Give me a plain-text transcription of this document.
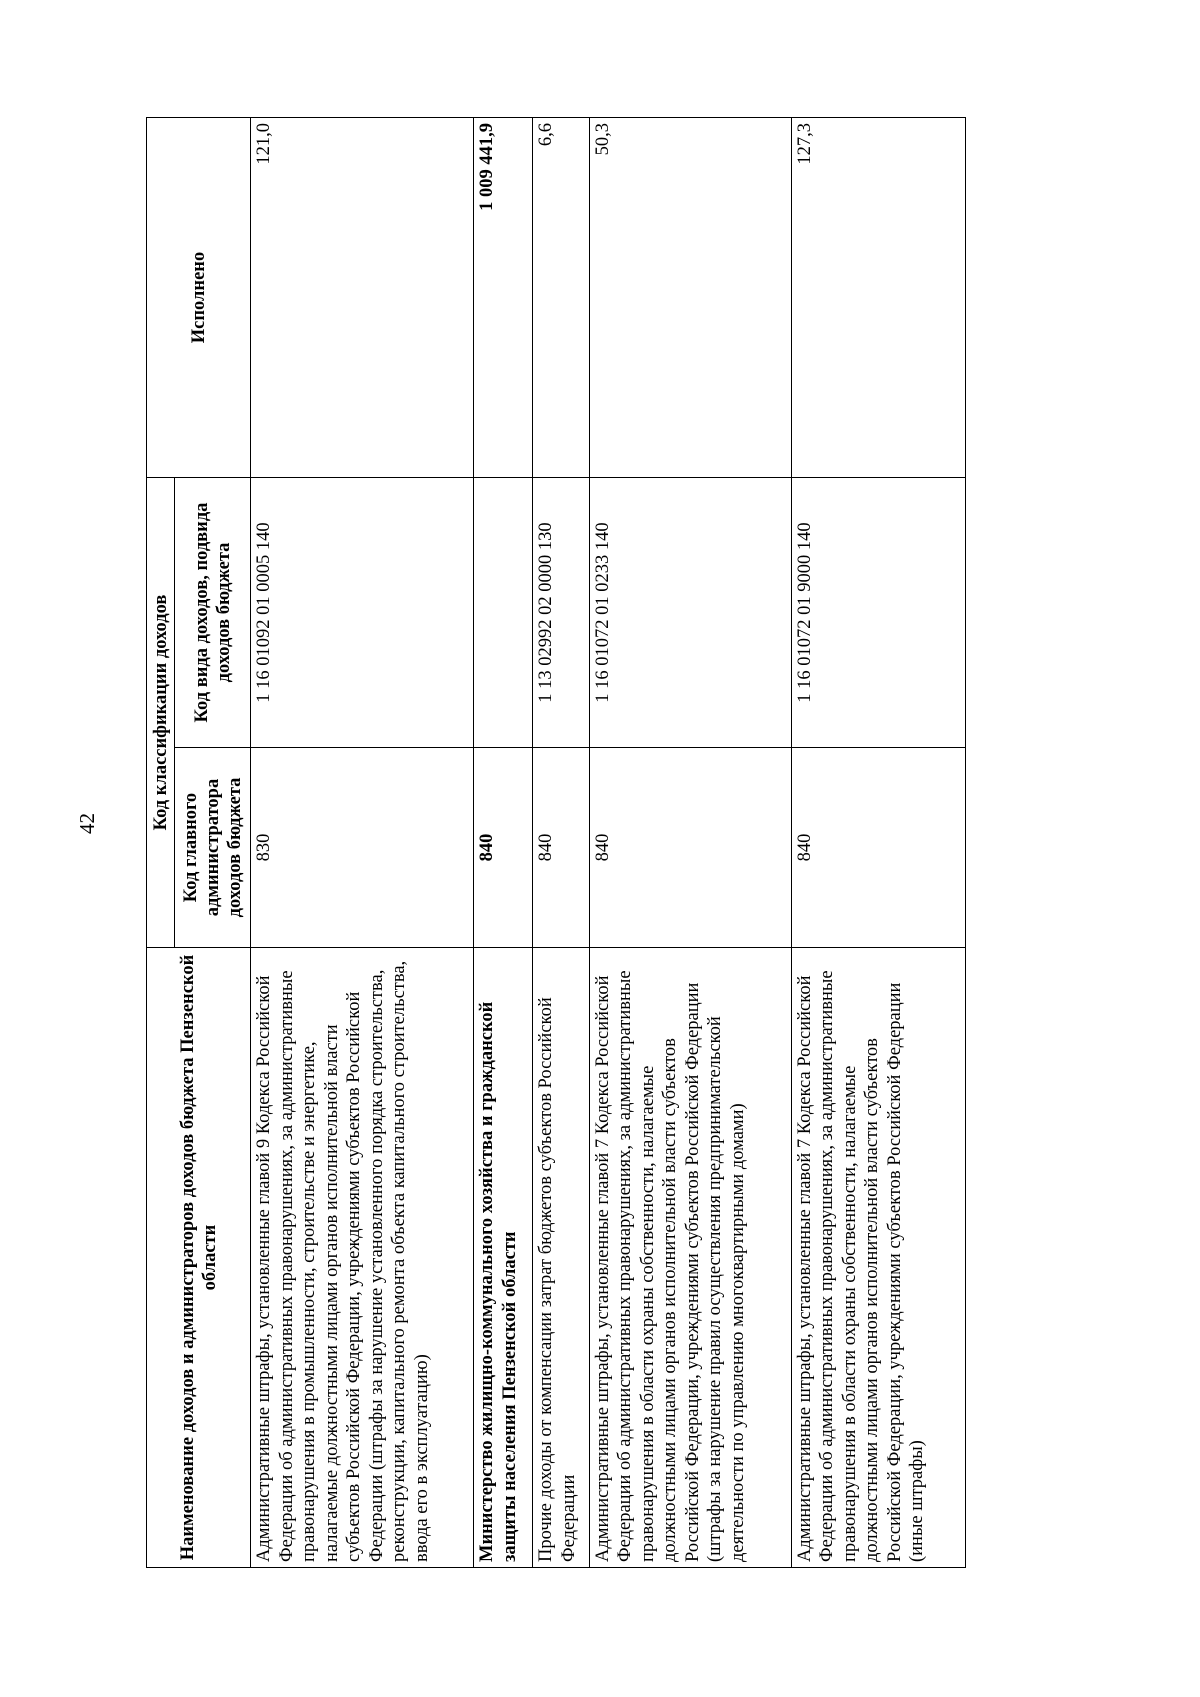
42
Наименование доходов и администраторов доходов бюджета Пензенской области	Код классификации доходов		Исполнено
	Код главного администратора доходов бюджета	Код вида доходов, подвида доходов бюджета	
Административные штрафы, установленные главой 9 Кодекса Российской Федерации об административных правонарушениях, за административные правонарушения в промышленности, строительстве и энергетике, налагаемые должностными лицами органов исполнительной власти субъектов Российской Федерации, учреждениями субъектов Российской Федерации (штрафы за нарушение установленного порядка строительства, реконструкции, капитального ремонта объекта капитального строительства, ввода его в эксплуатацию)	830	1 16 01092 01 0005 140	121,0
Министерство жилищно-коммунального хозяйства и гражданской защиты населения Пензенской области	840		1 009 441,9
Прочие доходы от компенсации затрат бюджетов субъектов Российской Федерации	840	1 13 02992 02 0000 130	6,6
Административные штрафы, установленные главой 7 Кодекса Российской Федерации об административных правонарушениях, за административные правонарушения в области охраны собственности, налагаемые должностными лицами органов исполнительной власти субъектов Российской Федерации, учреждениями субъектов Российской Федерации (штрафы за нарушение правил осуществления предпринимательской деятельности по управлению многоквартирными домами)	840	1 16 01072 01 0233 140	50,3
Административные штрафы, установленные главой 7 Кодекса Российской Федерации об административных правонарушениях, за административные правонарушения в области охраны собственности, налагаемые должностными лицами органов исполнительной власти субъектов Российской Федерации, учреждениями субъектов Российской Федерации (иные штрафы)	840	1 16 01072 01 9000 140	127,3
